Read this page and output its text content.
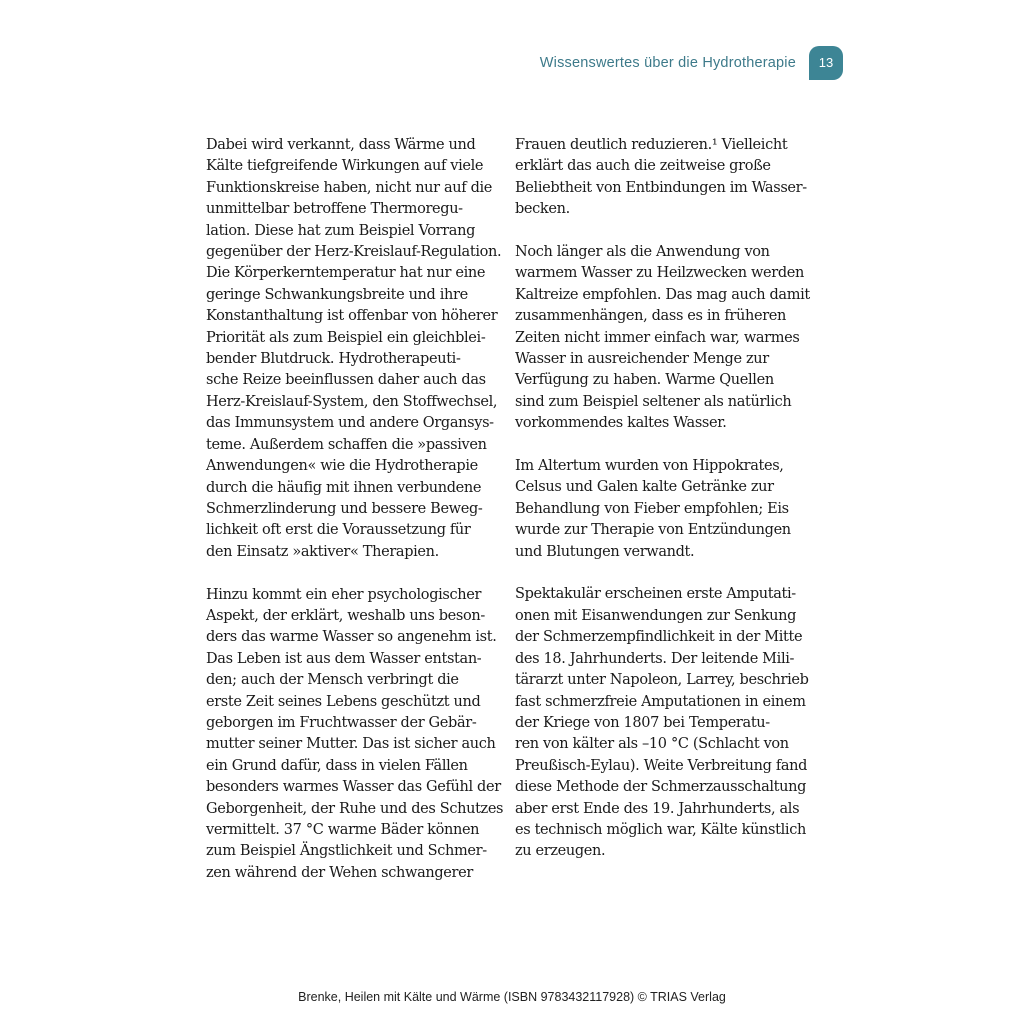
Wissenswertes über die Hydrotherapie	13
Dabei wird verkannt, dass Wärme und
Kälte tiefgreifende Wirkungen auf viele
Funktionskreise haben, nicht nur auf die
unmittelbar betroffene Thermoregu-
lation. Diese hat zum Beispiel Vorrang
gegenüber der Herz-Kreislauf-Regulation.
Die Körperkerntemperatur hat nur eine
geringe Schwankungsbreite und ihre
Konstanthaltung ist offenbar von höherer
Priorität als zum Beispiel ein gleichblei-
bender Blutdruck. Hydrotherapeuti-
sche Reize beeinflussen daher auch das
Herz-Kreislauf-System, den Stoffwechsel,
das Immunsystem und andere Organsys-
teme. Außerdem schaffen die »passiven
Anwendungen« wie die Hydrotherapie
durch die häufig mit ihnen verbundene
Schmerzlinderung und bessere Beweg-
lichkeit oft erst die Voraussetzung für
den Einsatz »aktiver« Therapien.
Hinzu kommt ein eher psychologischer
Aspekt, der erklärt, weshalb uns beson-
ders das warme Wasser so angenehm ist.
Das Leben ist aus dem Wasser entstan-
den; auch der Mensch verbringt die
erste Zeit seines Lebens geschützt und
geborgen im Fruchtwasser der Gebär-
mutter seiner Mutter. Das ist sicher auch
ein Grund dafür, dass in vielen Fällen
besonders warmes Wasser das Gefühl der
Geborgenheit, der Ruhe und des Schutzes
vermittelt. 37 °C warme Bäder können
zum Beispiel Ängstlichkeit und Schmer-
zen während der Wehen schwangerer
Frauen deutlich reduzieren.¹ Vielleicht
erklärt das auch die zeitweise große
Beliebtheit von Entbindungen im Wasser-
becken.
Noch länger als die Anwendung von
warmem Wasser zu Heilzwecken werden
Kaltreize empfohlen. Das mag auch damit
zusammenhängen, dass es in früheren
Zeiten nicht immer einfach war, warmes
Wasser in ausreichender Menge zur
Verfügung zu haben. Warme Quellen
sind zum Beispiel seltener als natürlich
vorkommendes kaltes Wasser.
Im Altertum wurden von Hippokrates,
Celsus und Galen kalte Getränke zur
Behandlung von Fieber empfohlen; Eis
wurde zur Therapie von Entzündungen
und Blutungen verwandt.
Spektakulär erscheinen erste Amputati-
onen mit Eisanwendungen zur Senkung
der Schmerzempfindlichkeit in der Mitte
des 18. Jahrhunderts. Der leitende Mili-
tärarzt unter Napoleon, Larrey, beschrieb
fast schmerzfreie Amputationen in einem
der Kriege von 1807 bei Temperatu-
ren von kälter als –10 °C (Schlacht von
Preußisch-Eylau). Weite Verbreitung fand
diese Methode der Schmerzausschaltung
aber erst Ende des 19. Jahrhunderts, als
es technisch möglich war, Kälte künstlich
zu erzeugen.
Brenke, Heilen mit Kälte und Wärme (ISBN 9783432117928) © TRIAS Verlag
